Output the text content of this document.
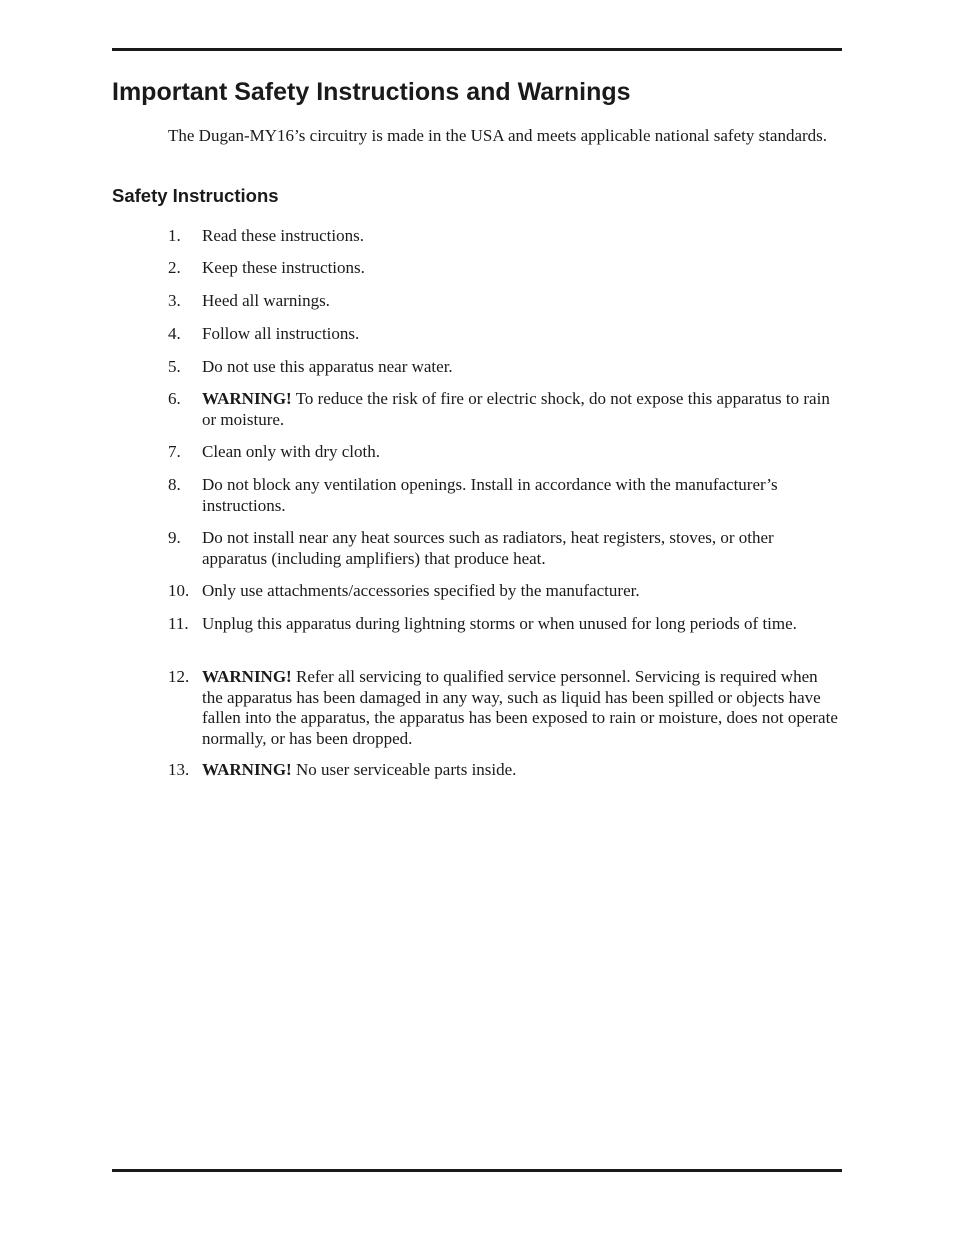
Important Safety Instructions and Warnings

The Dugan-MY16’s circuitry is made in the USA and meets applicable national safety standards.

Safety Instructions
1.	Read these instructions.
2.	Keep these instructions.
3.	Heed all warnings.
4.	Follow all instructions.
5.	Do not use this apparatus near water.
6.	WARNING! To reduce the risk of fire or electric shock, do not expose this apparatus to rain or moisture.
7.	Clean only with dry cloth.
8.	Do not block any ventilation openings. Install in accordance with the manufacturer’s instructions.
9.	Do not install near any heat sources such as radiators, heat registers, stoves, or other apparatus (including amplifiers) that produce heat.
10. Only use attachments/accessories specified by the manufacturer.
11. Unplug this apparatus during lightning storms or when unused for long periods of time.
12. WARNING! Refer all servicing to qualified service personnel. Servicing is required when the apparatus has been damaged in any way, such as liquid has been spilled or objects have fallen into the apparatus, the apparatus has been exposed to rain or moisture, does not operate normally, or has been dropped.
13. WARNING! No user serviceable parts inside.
